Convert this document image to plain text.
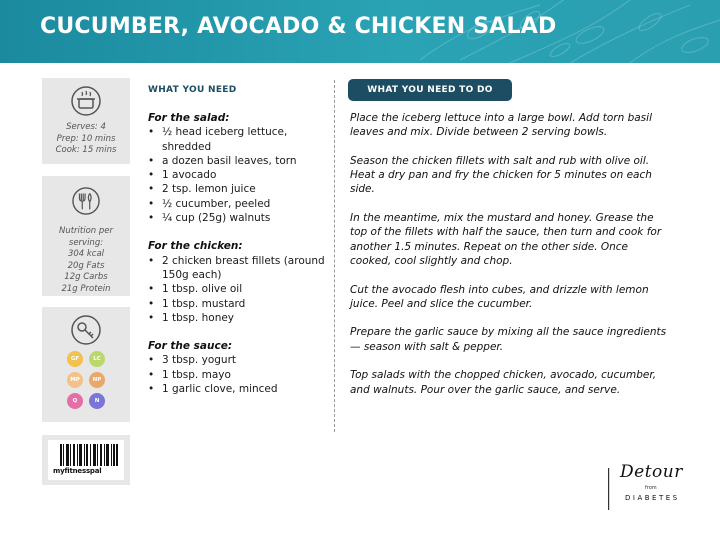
CUCUMBER, AVOCADO & CHICKEN SALAD
Serves: 4
Prep: 10 mins
Cook: 15 mins
Nutrition per
serving:
304 kcal
20g Fats
12g Carbs
21g Protein
GF	LC
MP	NP
Q	N
myfitnesspal
WHAT YOU NEED
For the salad:
• ½ head iceberg lettuce, shredded
• a dozen basil leaves, torn
• 1 avocado
• 2 tsp. lemon juice
• ½ cucumber, peeled
• ¼ cup (25g) walnuts
For the chicken:
• 2 chicken breast fillets (around 150g each)
• 1 tbsp. olive oil
• 1 tbsp. mustard
• 1 tbsp. honey
For the sauce:
• 3 tbsp. yogurt
• 1 tbsp. mayo
• 1 garlic clove, minced
WHAT YOU NEED TO DO

Place the iceberg lettuce into a large bowl. Add torn basil leaves and mix. Divide between 2 serving bowls.

Season the chicken fillets with salt and rub with olive oil. Heat a dry pan and fry the chicken for 5 minutes on each side.

In the meantime, mix the mustard and honey. Grease the top of the fillets with half the sauce, then turn and cook for another 1.5 minutes. Repeat on the other side. Once cooked, cool slightly and chop.

Cut the avocado flesh into cubes, and drizzle with lemon juice. Peel and slice the cucumber.

Prepare the garlic sauce by mixing all the sauce ingredients — season with salt & pepper.

Top salads with the chopped chicken, avocado, cucumber, and walnuts. Pour over the garlic sauce, and serve.

Detour
from
DIABETES
